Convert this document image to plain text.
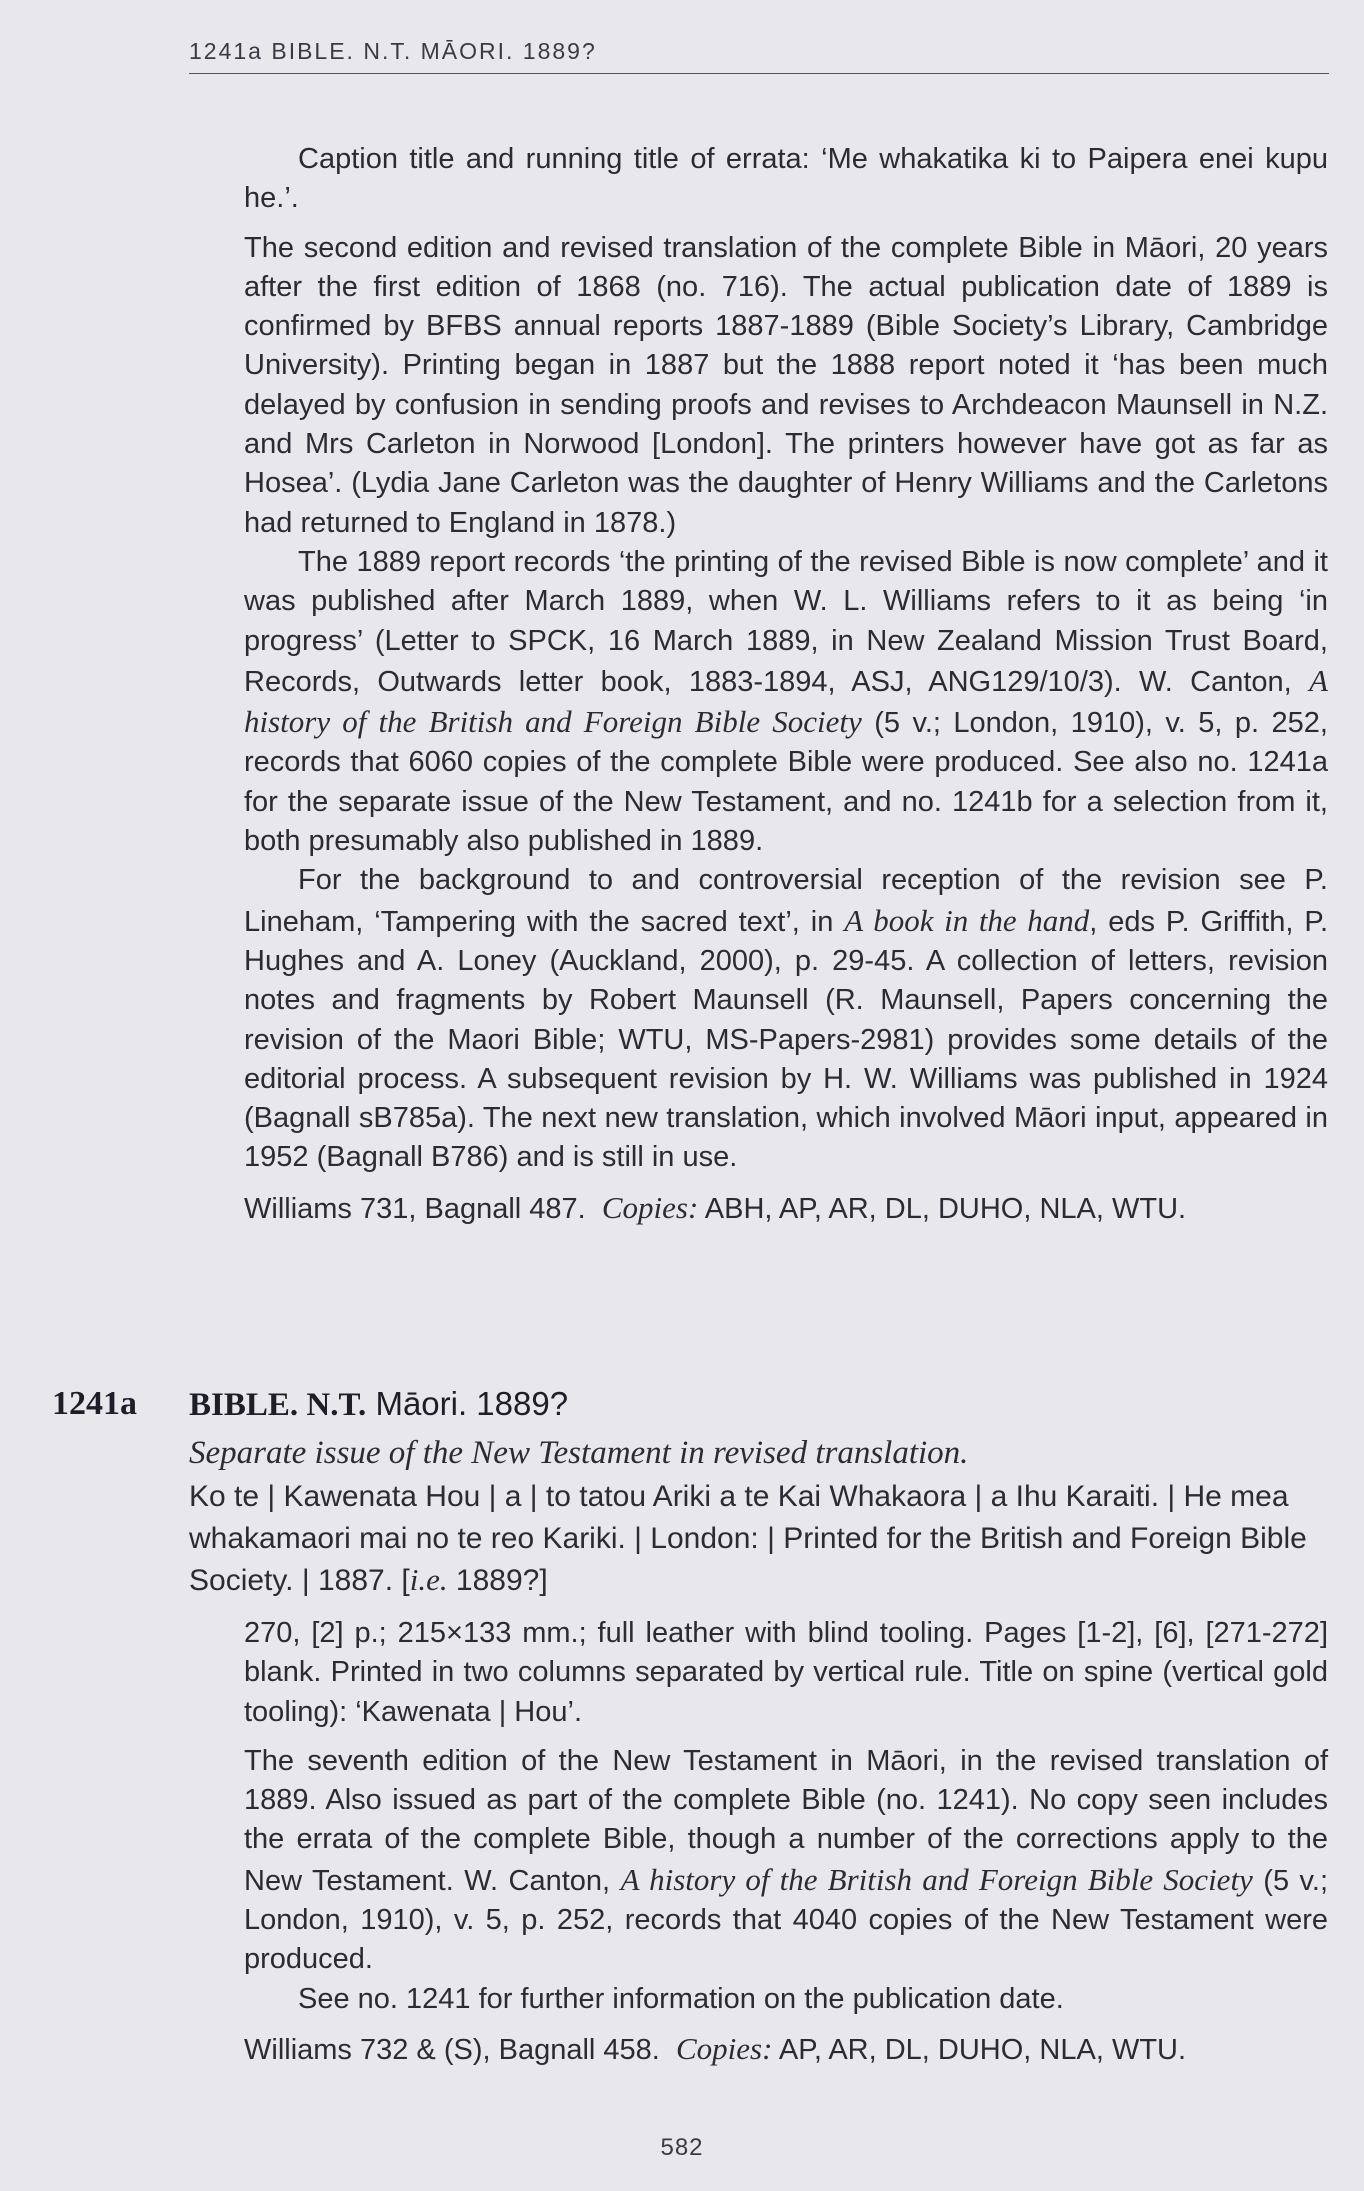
1241a BIBLE. N.T. MĀORI. 1889?

Caption title and running title of errata: ‘Me whakatika ki to Paipera enei kupu he.’.

The second edition and revised translation of the complete Bible in Māori, 20 years after the first edition of 1868 (no. 716). The actual publication date of 1889 is confirmed by BFBS annual reports 1887-1889 (Bible Society’s Library, Cambridge University). Printing began in 1887 but the 1888 report noted it ‘has been much delayed by confusion in sending proofs and revises to Archdeacon Maunsell in N.Z. and Mrs Carleton in Norwood [London]. The printers however have got as far as Hosea’. (Lydia Jane Carleton was the daughter of Henry Williams and the Carletons had returned to England in 1878.)

The 1889 report records ‘the printing of the revised Bible is now complete’ and it was published after March 1889, when W. L. Williams refers to it as being ‘in progress’ (Letter to SPCK, 16 March 1889, in New Zealand Mission Trust Board, Records, Outwards letter book, 1883-1894, ASJ, ANG129/10/3). W. Canton, A history of the British and Foreign Bible Society (5 v.; London, 1910), v. 5, p. 252, records that 6060 copies of the complete Bible were produced. See also no. 1241a for the separate issue of the New Testament, and no. 1241b for a selection from it, both presumably also published in 1889.

For the background to and controversial reception of the revision see P. Lineham, ‘Tampering with the sacred text’, in A book in the hand, eds P. Griffith, P. Hughes and A. Loney (Auckland, 2000), p. 29-45. A collection of letters, revision notes and fragments by Robert Maunsell (R. Maunsell, Papers concerning the revision of the Maori Bible; WTU, MS-Papers-2981) provides some details of the editorial process. A subsequent revision by H. W. Williams was published in 1924 (Bagnall sB785a). The next new translation, which involved Māori input, appeared in 1952 (Bagnall B786) and is still in use.

Williams 731, Bagnall 487. Copies: ABH, AP, AR, DL, DUHO, NLA, WTU.

1241a BIBLE. N.T. Māori. 1889?
Separate issue of the New Testament in revised translation.
Ko te | Kawenata Hou | a | to tatou Ariki a te Kai Whakaora | a Ihu Karaiti. | He mea whakamaori mai no te reo Kariki. | London: | Printed for the British and Foreign Bible Society. | 1887. [i.e. 1889?]

270, [2] p.; 215×133 mm.; full leather with blind tooling. Pages [1-2], [6], [271-272] blank. Printed in two columns separated by vertical rule. Title on spine (vertical gold tooling): ‘Kawenata | Hou’.

The seventh edition of the New Testament in Māori, in the revised translation of 1889. Also issued as part of the complete Bible (no. 1241). No copy seen includes the errata of the complete Bible, though a number of the corrections apply to the New Testament. W. Canton, A history of the British and Foreign Bible Society (5 v.; London, 1910), v. 5, p. 252, records that 4040 copies of the New Testament were produced.

See no. 1241 for further information on the publication date.

Williams 732 & (S), Bagnall 458. Copies: AP, AR, DL, DUHO, NLA, WTU.

582
